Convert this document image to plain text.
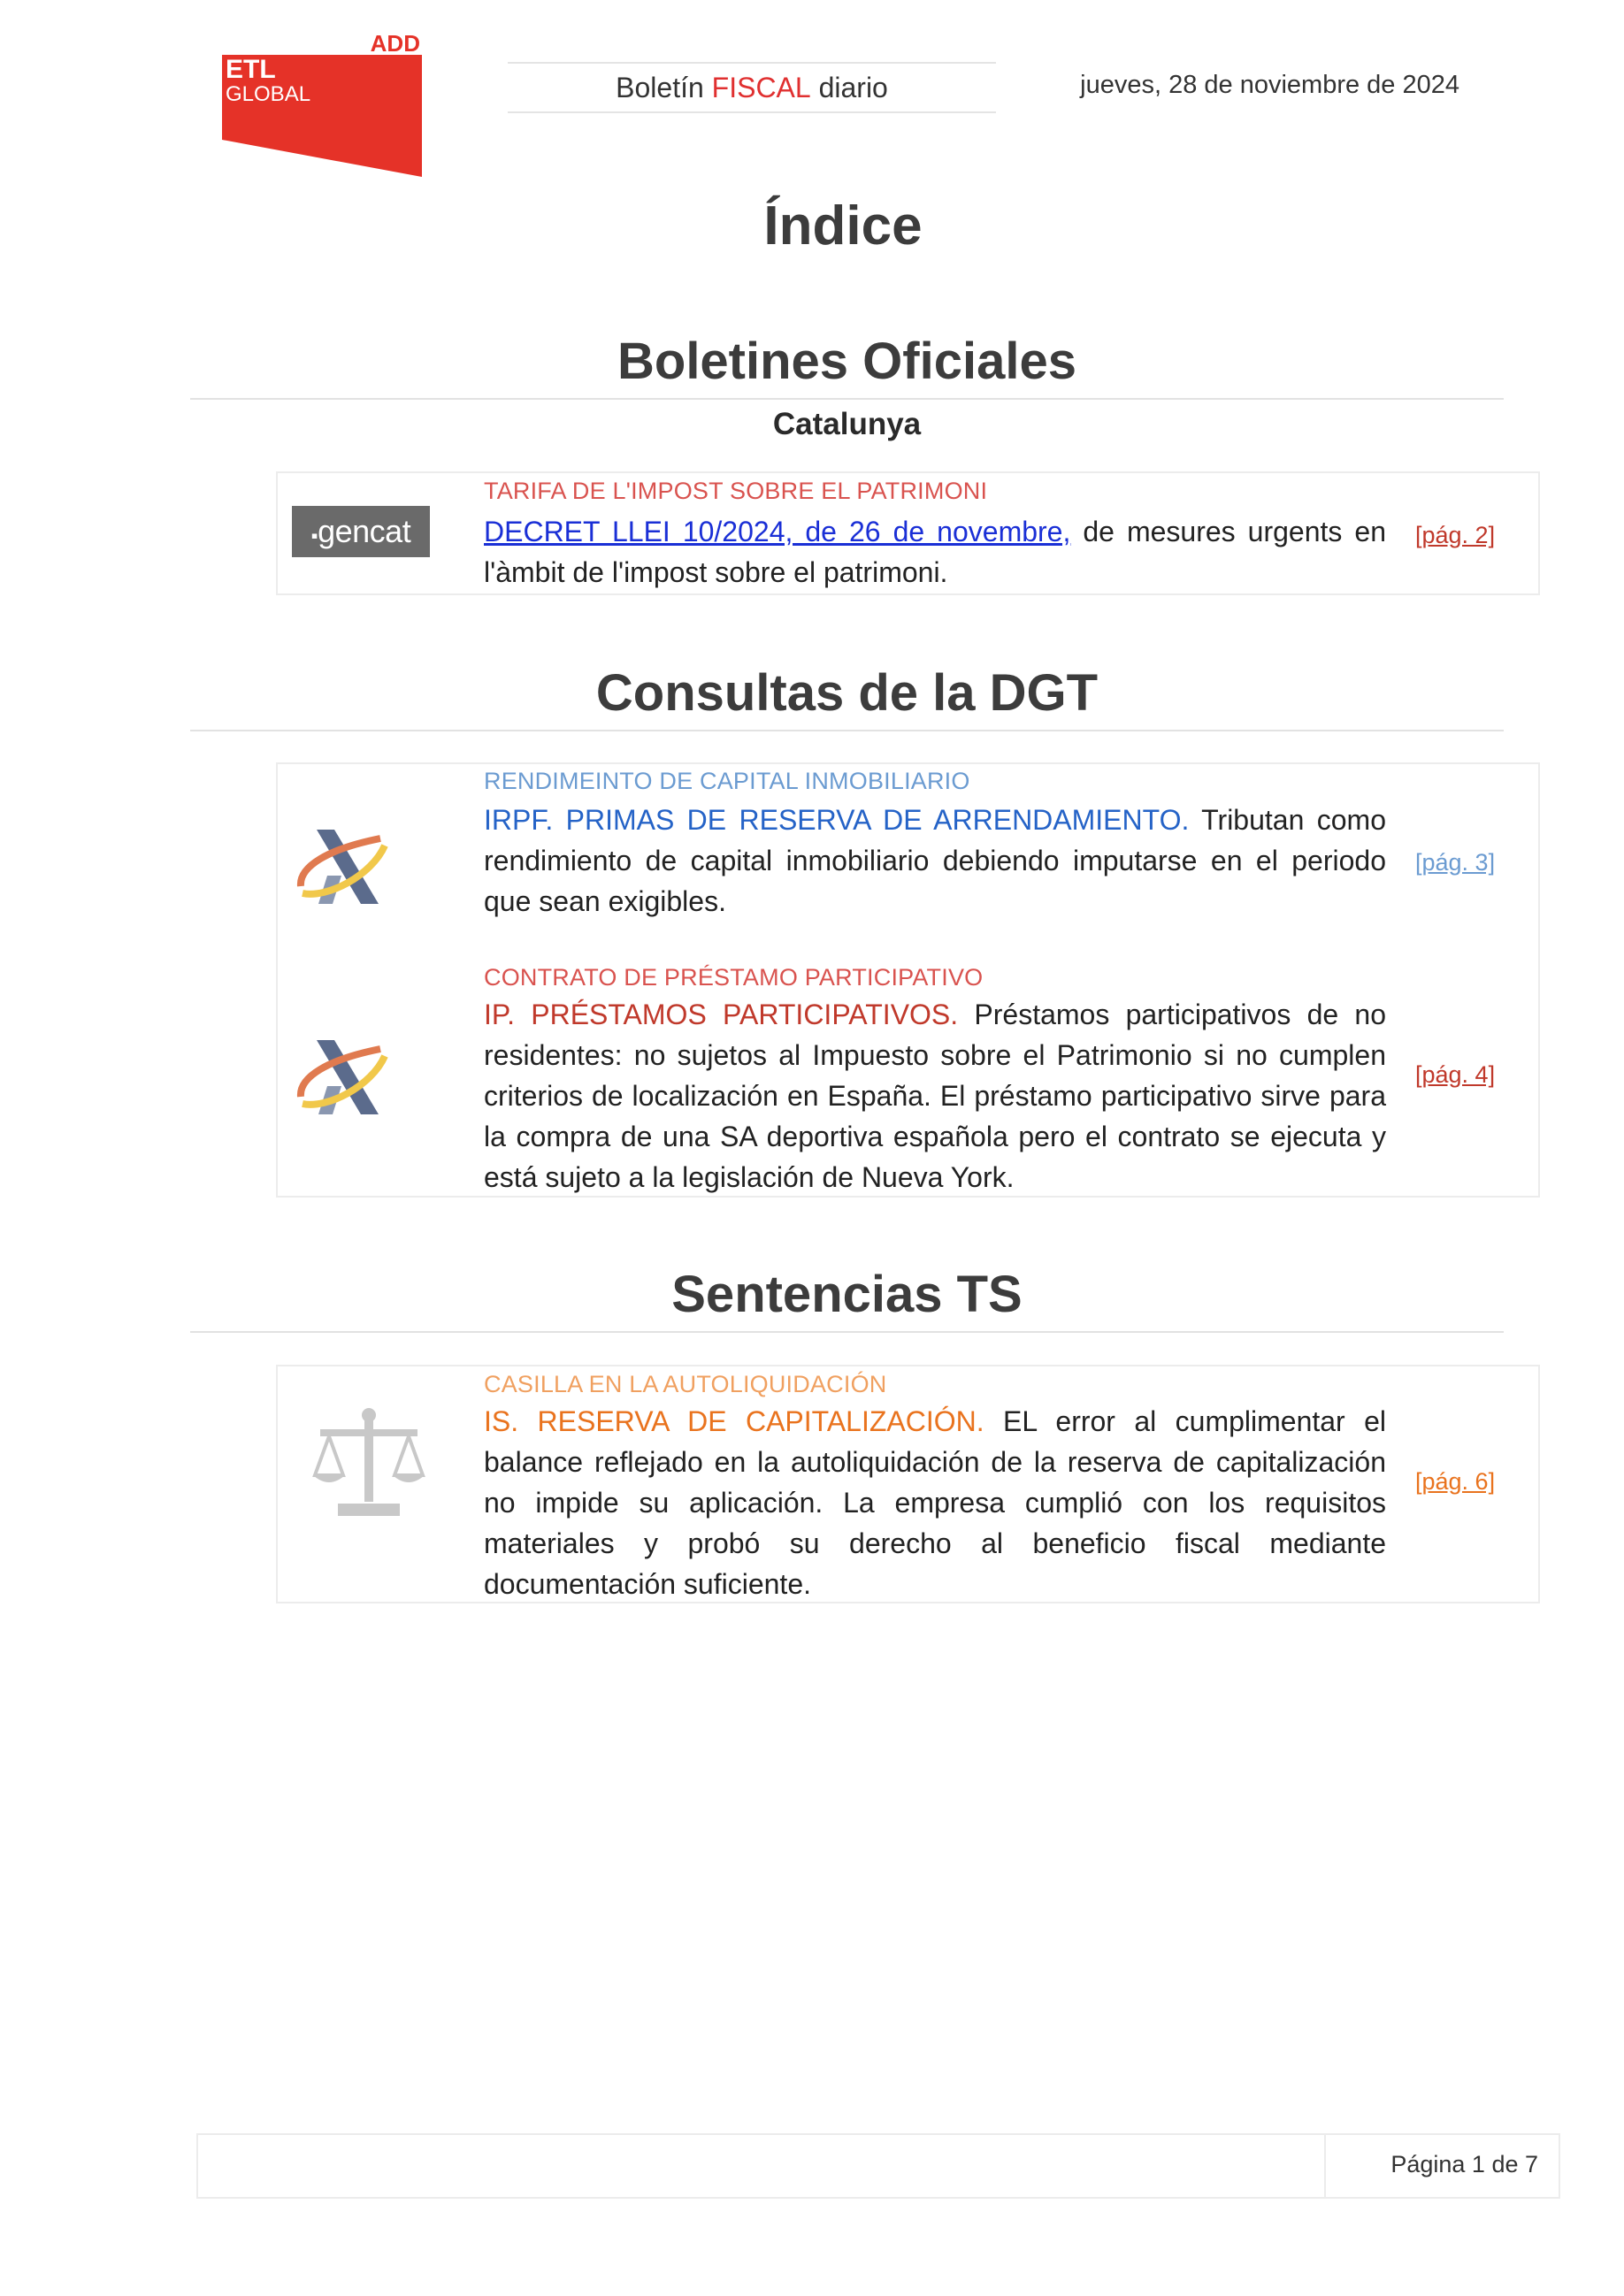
ADD
ETL
GLOBAL	Boletín FISCAL diario	jueves, 28 de noviembre de 2024
Índice
Boletines Oficiales
Catalunya
▪gencat
TARIFA DE L'IMPOST SOBRE EL PATRIMONI
DECRET LLEI 10/2024, de 26 de novembre, de mesures urgents en l'àmbit de l'impost sobre el patrimoni.
[pág. 2]
Consultas de la DGT
RENDIMEINTO DE CAPITAL INMOBILIARIO
IRPF. PRIMAS DE RESERVA DE ARRENDAMIENTO. Tributan como rendimiento de capital inmobiliario debiendo imputarse en el periodo que sean exigibles.
[pág. 3]
CONTRATO DE PRÉSTAMO PARTICIPATIVO
IP. PRÉSTAMOS PARTICIPATIVOS. Préstamos participativos de no residentes: no sujetos al Impuesto sobre el Patrimonio si no cumplen criterios de localización en España. El préstamo participativo sirve para la compra de una SA deportiva española pero el contrato se ejecuta y está sujeto a la legislación de Nueva York.
[pág. 4]
Sentencias TS
CASILLA EN LA AUTOLIQUIDACIÓN
IS. RESERVA DE CAPITALIZACIÓN. EL error al cumplimentar el balance reflejado en la autoliquidación de la reserva de capitalización no impide su aplicación. La empresa cumplió con los requisitos materiales y probó su derecho al beneficio fiscal mediante documentación suficiente.
[pág. 6]
Página 1 de 7
